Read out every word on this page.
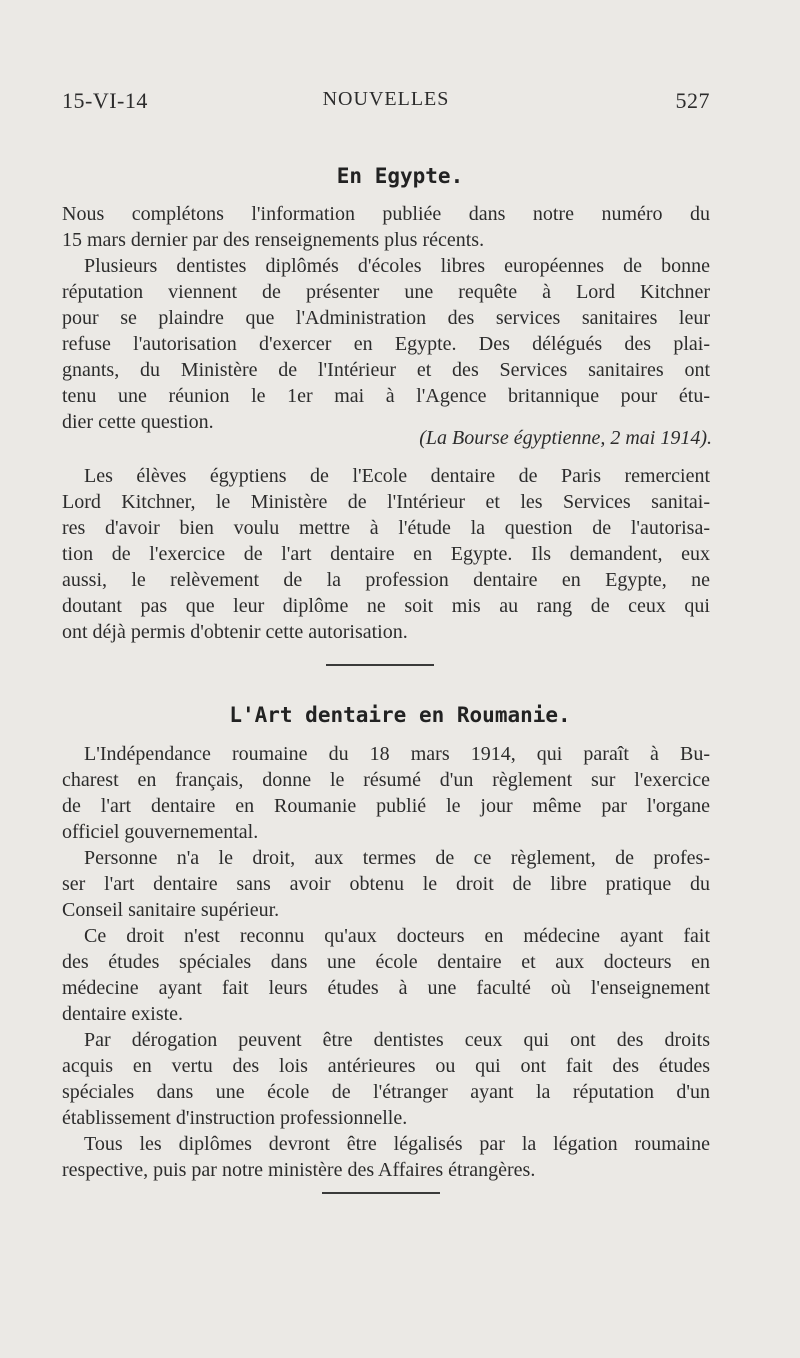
15-VI-14	NOUVELLES	527
En Egypte.
Nous complétons l'information publiée dans notre numéro du
15 mars dernier par des renseignements plus récents.
Plusieurs dentistes diplômés d'écoles libres européennes de bonne
réputation viennent de présenter une requête à Lord Kitchner
pour se plaindre que l'Administration des services sanitaires leur
refuse l'autorisation d'exercer en Egypte. Des délégués des plai-
gnants, du Ministère de l'Intérieur et des Services sanitaires ont
tenu une réunion le 1er mai à l'Agence britannique pour étu-
dier cette question.
(La Bourse égyptienne, 2 mai 1914).
Les élèves égyptiens de l'Ecole dentaire de Paris remercient
Lord Kitchner, le Ministère de l'Intérieur et les Services sanitai-
res d'avoir bien voulu mettre à l'étude la question de l'autorisa-
tion de l'exercice de l'art dentaire en Egypte. Ils demandent, eux
aussi, le relèvement de la profession dentaire en Egypte, ne
doutant pas que leur diplôme ne soit mis au rang de ceux qui
ont déjà permis d'obtenir cette autorisation.
L'Art dentaire en Roumanie.
L'Indépendance roumaine du 18 mars 1914, qui paraît à Bu-
charest en français, donne le résumé d'un règlement sur l'exercice
de l'art dentaire en Roumanie publié le jour même par l'organe
officiel gouvernemental.
Personne n'a le droit, aux termes de ce règlement, de profes-
ser l'art dentaire sans avoir obtenu le droit de libre pratique du
Conseil sanitaire supérieur.
Ce droit n'est reconnu qu'aux docteurs en médecine ayant fait
des études spéciales dans une école dentaire et aux docteurs en
médecine ayant fait leurs études à une faculté où l'enseignement
dentaire existe.
Par dérogation peuvent être dentistes ceux qui ont des droits
acquis en vertu des lois antérieures ou qui ont fait des études
spéciales dans une école de l'étranger ayant la réputation d'un
établissement d'instruction professionnelle.
Tous les diplômes devront être légalisés par la légation roumaine
respective, puis par notre ministère des Affaires étrangères.
